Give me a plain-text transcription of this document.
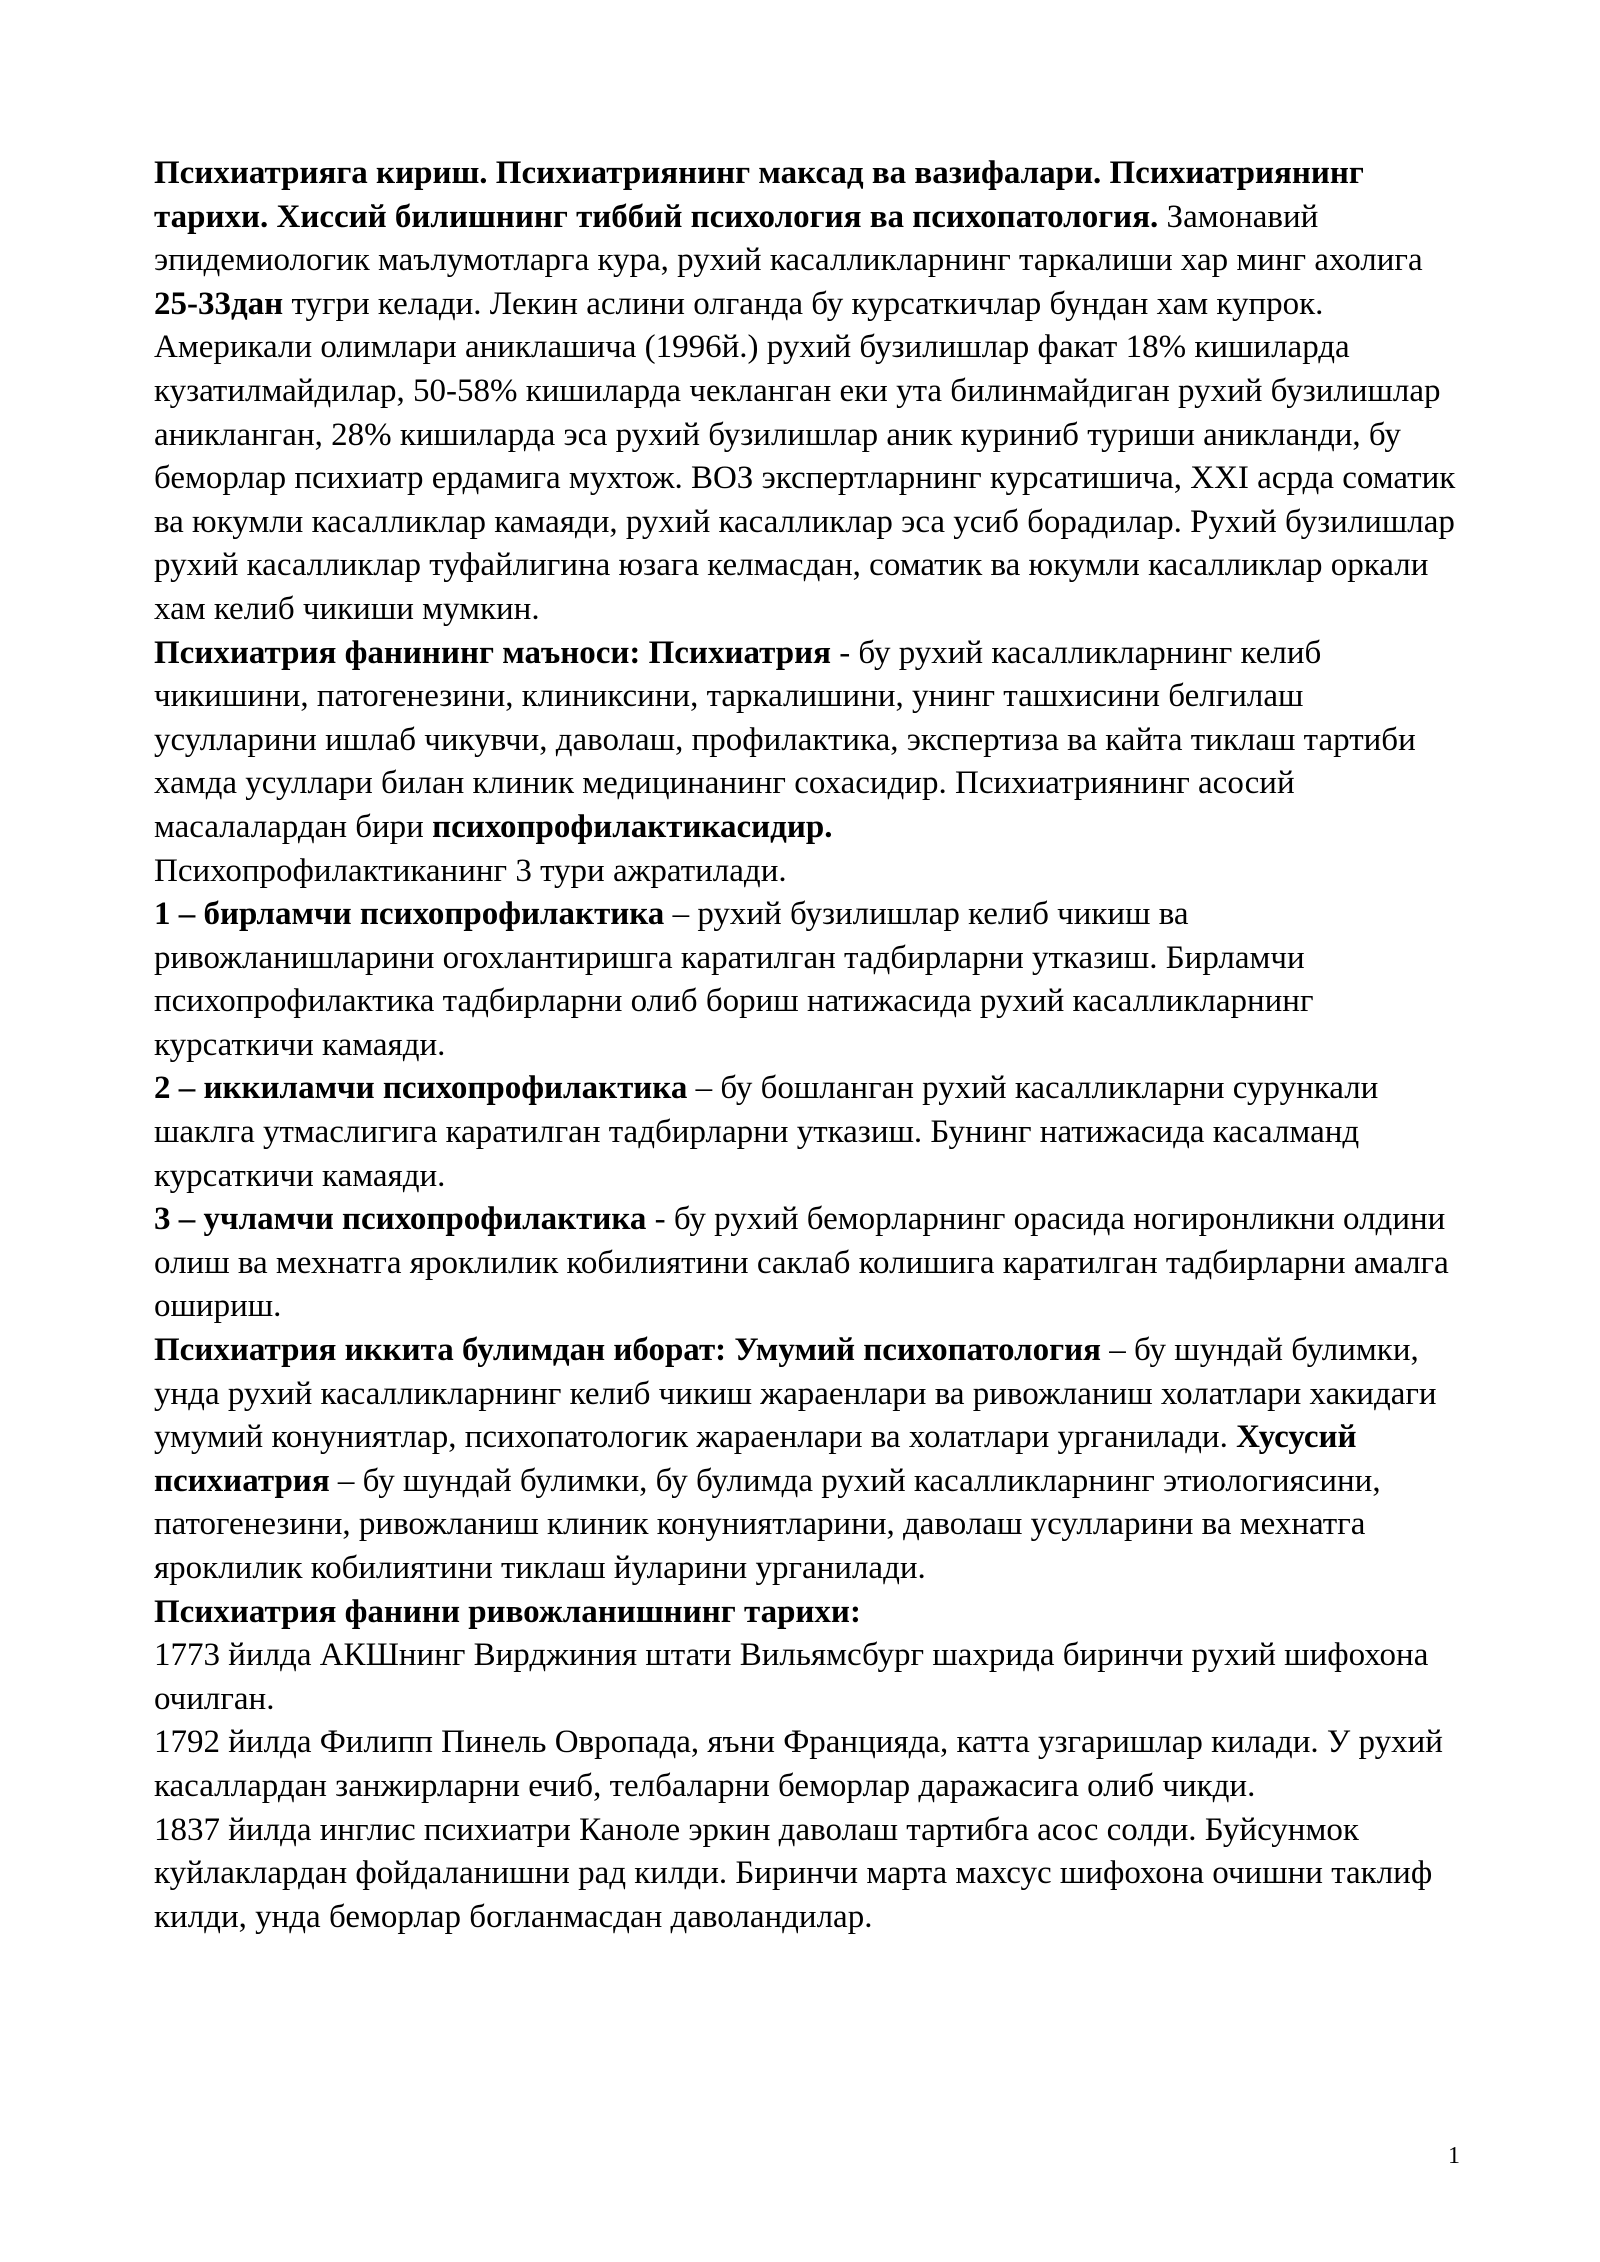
Психиатрияга кириш. Психиатриянинг максад ва вазифалари. Психиатриянинг тарихи. Хиссий билишнинг тиббий психология ва психопатология. Замонавий эпидемиологик маълумотларга кура, рухий касалликларнинг таркалиши хар минг ахолига 25-33дан тугри келади. Лекин аслини олганда бу курсаткичлар бундан хам купрок. Америкали олимлари аниклашича (1996й.) рухий бузилишлар факат 18% кишиларда кузатилмайдилар, 50-58% кишиларда чекланган еки ута билинмайдиган рухий бузилишлар аникланган, 28% кишиларда эса рухий бузилишлар аник куриниб туриши аникланди, бу беморлар психиатр ердамига мухтож. ВОЗ экспертларнинг курсатишича, XXI асрда соматик ва юкумли касалликлар камаяди, рухий касалликлар эса усиб борадилар. Рухий бузилишлар рухий касалликлар туфайлигина юзага келмасдан, соматик ва юкумли касалликлар оркали хам келиб чикиши мумкин.

Психиатрия фанининг маъноси: Психиатрия - бу рухий касалликларнинг келиб чикишини, патогенезини, клиниксини, таркалишини, унинг ташхисини белгилаш усулларини ишлаб чикувчи, даволаш, профилактика, экспертиза ва кайта тиклаш тартиби хамда усуллари билан клиник медицинанинг сохасидир. Психиатриянинг асосий масалалардан бири психопрофилактикасидир.

Психопрофилактиканинг 3 тури ажратилади.

1 – бирламчи психопрофилактика – рухий бузилишлар келиб чикиш ва ривожланишларини огохлантиришга каратилган тадбирларни утказиш. Бирламчи психопрофилактика тадбирларни олиб бориш натижасида рухий касалликларнинг курсаткичи камаяди.

2 – иккиламчи психопрофилактика – бу бошланган рухий касалликларни сурункали шаклга утмаслигига каратилган тадбирларни утказиш. Бунинг натижасида касалманд курсаткичи камаяди.

3 – учламчи психопрофилактика - бу рухий беморларнинг орасида ногиронликни олдини олиш ва мехнатга яроклилик кобилиятини саклаб колишига каратилган тадбирларни амалга ошириш.

Психиатрия иккита булимдан иборат: Умумий психопатология – бу шундай булимки, унда рухий касалликларнинг келиб чикиш жараенлари ва ривожланиш холатлари хакидаги умумий конуниятлар, психопатологик жараенлари ва холатлари урганилади. Хусусий психиатрия – бу шундай булимки, бу булимда рухий касалликларнинг этиологиясини, патогенезини, ривожланиш клиник конуниятларини, даволаш усулларини ва мехнатга яроклилик кобилиятини тиклаш йуларини урганилади.

Психиатрия фанини ривожланишнинг тарихи:

1773 йилда АКШнинг Вирджиния штати Вильямсбург шахрида биринчи рухий шифохона очилган.

1792 йилда Филипп Пинель Овропада, яъни Францияда, катта узгаришлар килади. У рухий касаллардан занжирларни ечиб, телбаларни беморлар даражасига олиб чикди.

1837 йилда инглис психиатри Каноле эркин даволаш тартибга асос солди. Буйсунмок куйлаклардан фойдаланишни рад килди. Биринчи марта махсус шифохона очишни таклиф килди, унда беморлар богланмасдан даволандилар.

1
